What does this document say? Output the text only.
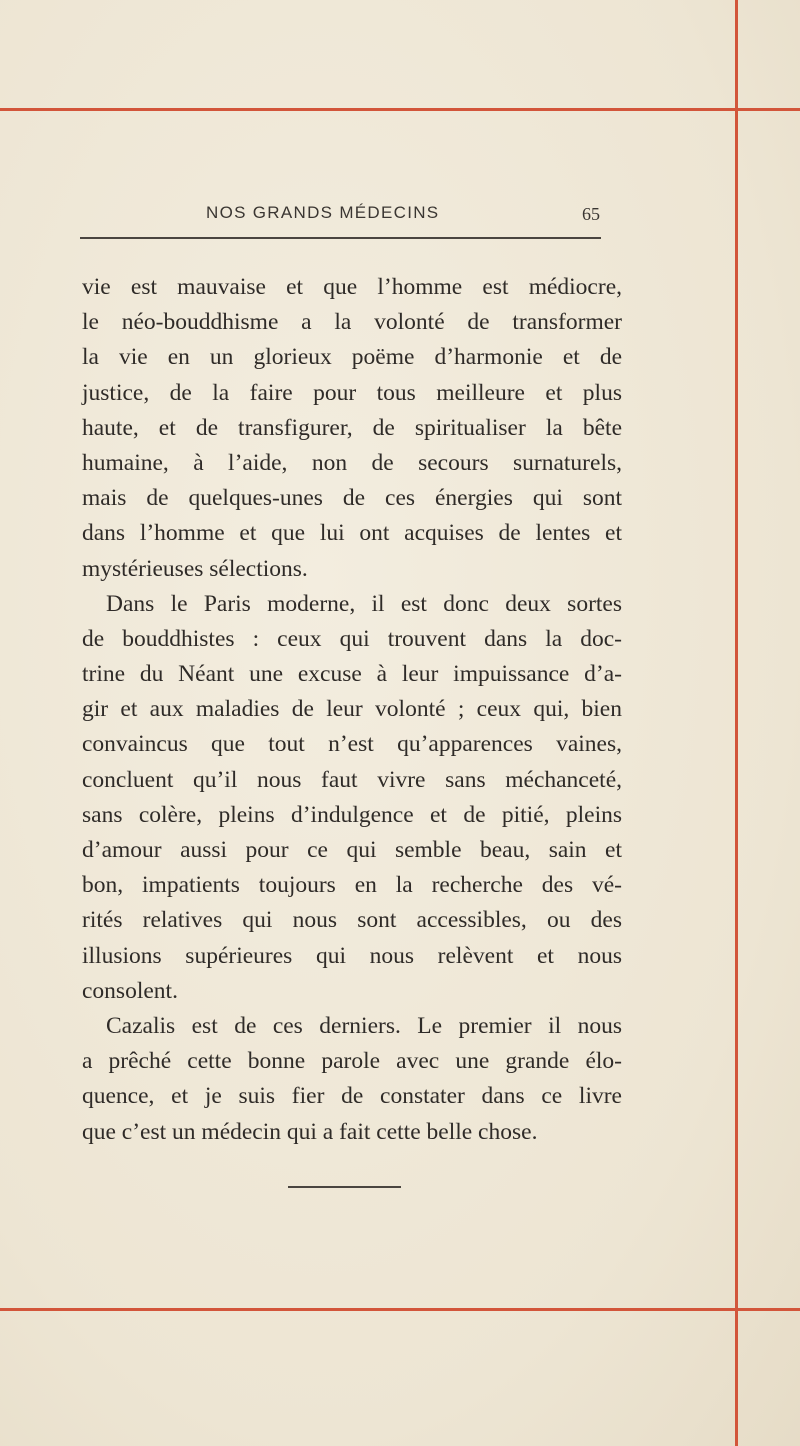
NOS GRANDS MÉDECINS	65

vie est mauvaise et que l’homme est médiocre,
le néo-bouddhisme a la volonté de transformer
la vie en un glorieux poëme d’harmonie et de
justice, de la faire pour tous meilleure et plus
haute, et de transfigurer, de spiritualiser la bête
humaine, à l’aide, non de secours surnaturels,
mais de quelques-unes de ces énergies qui sont
dans l’homme et que lui ont acquises de lentes et
mystérieuses sélections.

Dans le Paris moderne, il est donc deux sortes
de bouddhistes : ceux qui trouvent dans la doc-
trine du Néant une excuse à leur impuissance d’a-
gir et aux maladies de leur volonté ; ceux qui, bien
convaincus que tout n’est qu’apparences vaines,
concluent qu’il nous faut vivre sans méchanceté,
sans colère, pleins d’indulgence et de pitié, pleins
d’amour aussi pour ce qui semble beau, sain et
bon, impatients toujours en la recherche des vé-
rités relatives qui nous sont accessibles, ou des
illusions supérieures qui nous relèvent et nous
consolent.

Cazalis est de ces derniers. Le premier il nous
a prêché cette bonne parole avec une grande élo-
quence, et je suis fier de constater dans ce livre
que c’est un médecin qui a fait cette belle chose.
